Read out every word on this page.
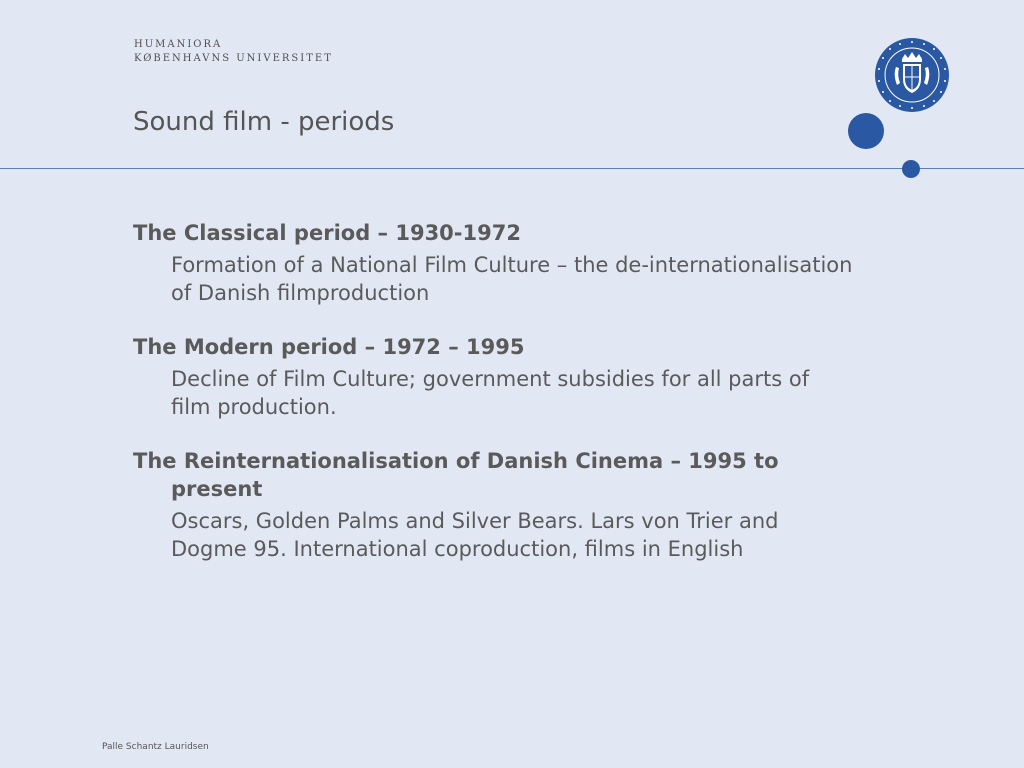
HUMANIORA
KØBENHAVNS UNIVERSITET
Sound film - periods
The Classical period – 1930-1972
Formation of a National Film Culture – the de-internationalisation of Danish filmproduction
The Modern period – 1972 – 1995
Decline of Film Culture; government subsidies for all parts of film production.
The Reinternationalisation of Danish Cinema – 1995 to present
Oscars, Golden Palms and Silver Bears. Lars von Trier and Dogme 95. International coproduction, films in English
Palle Schantz Lauridsen
